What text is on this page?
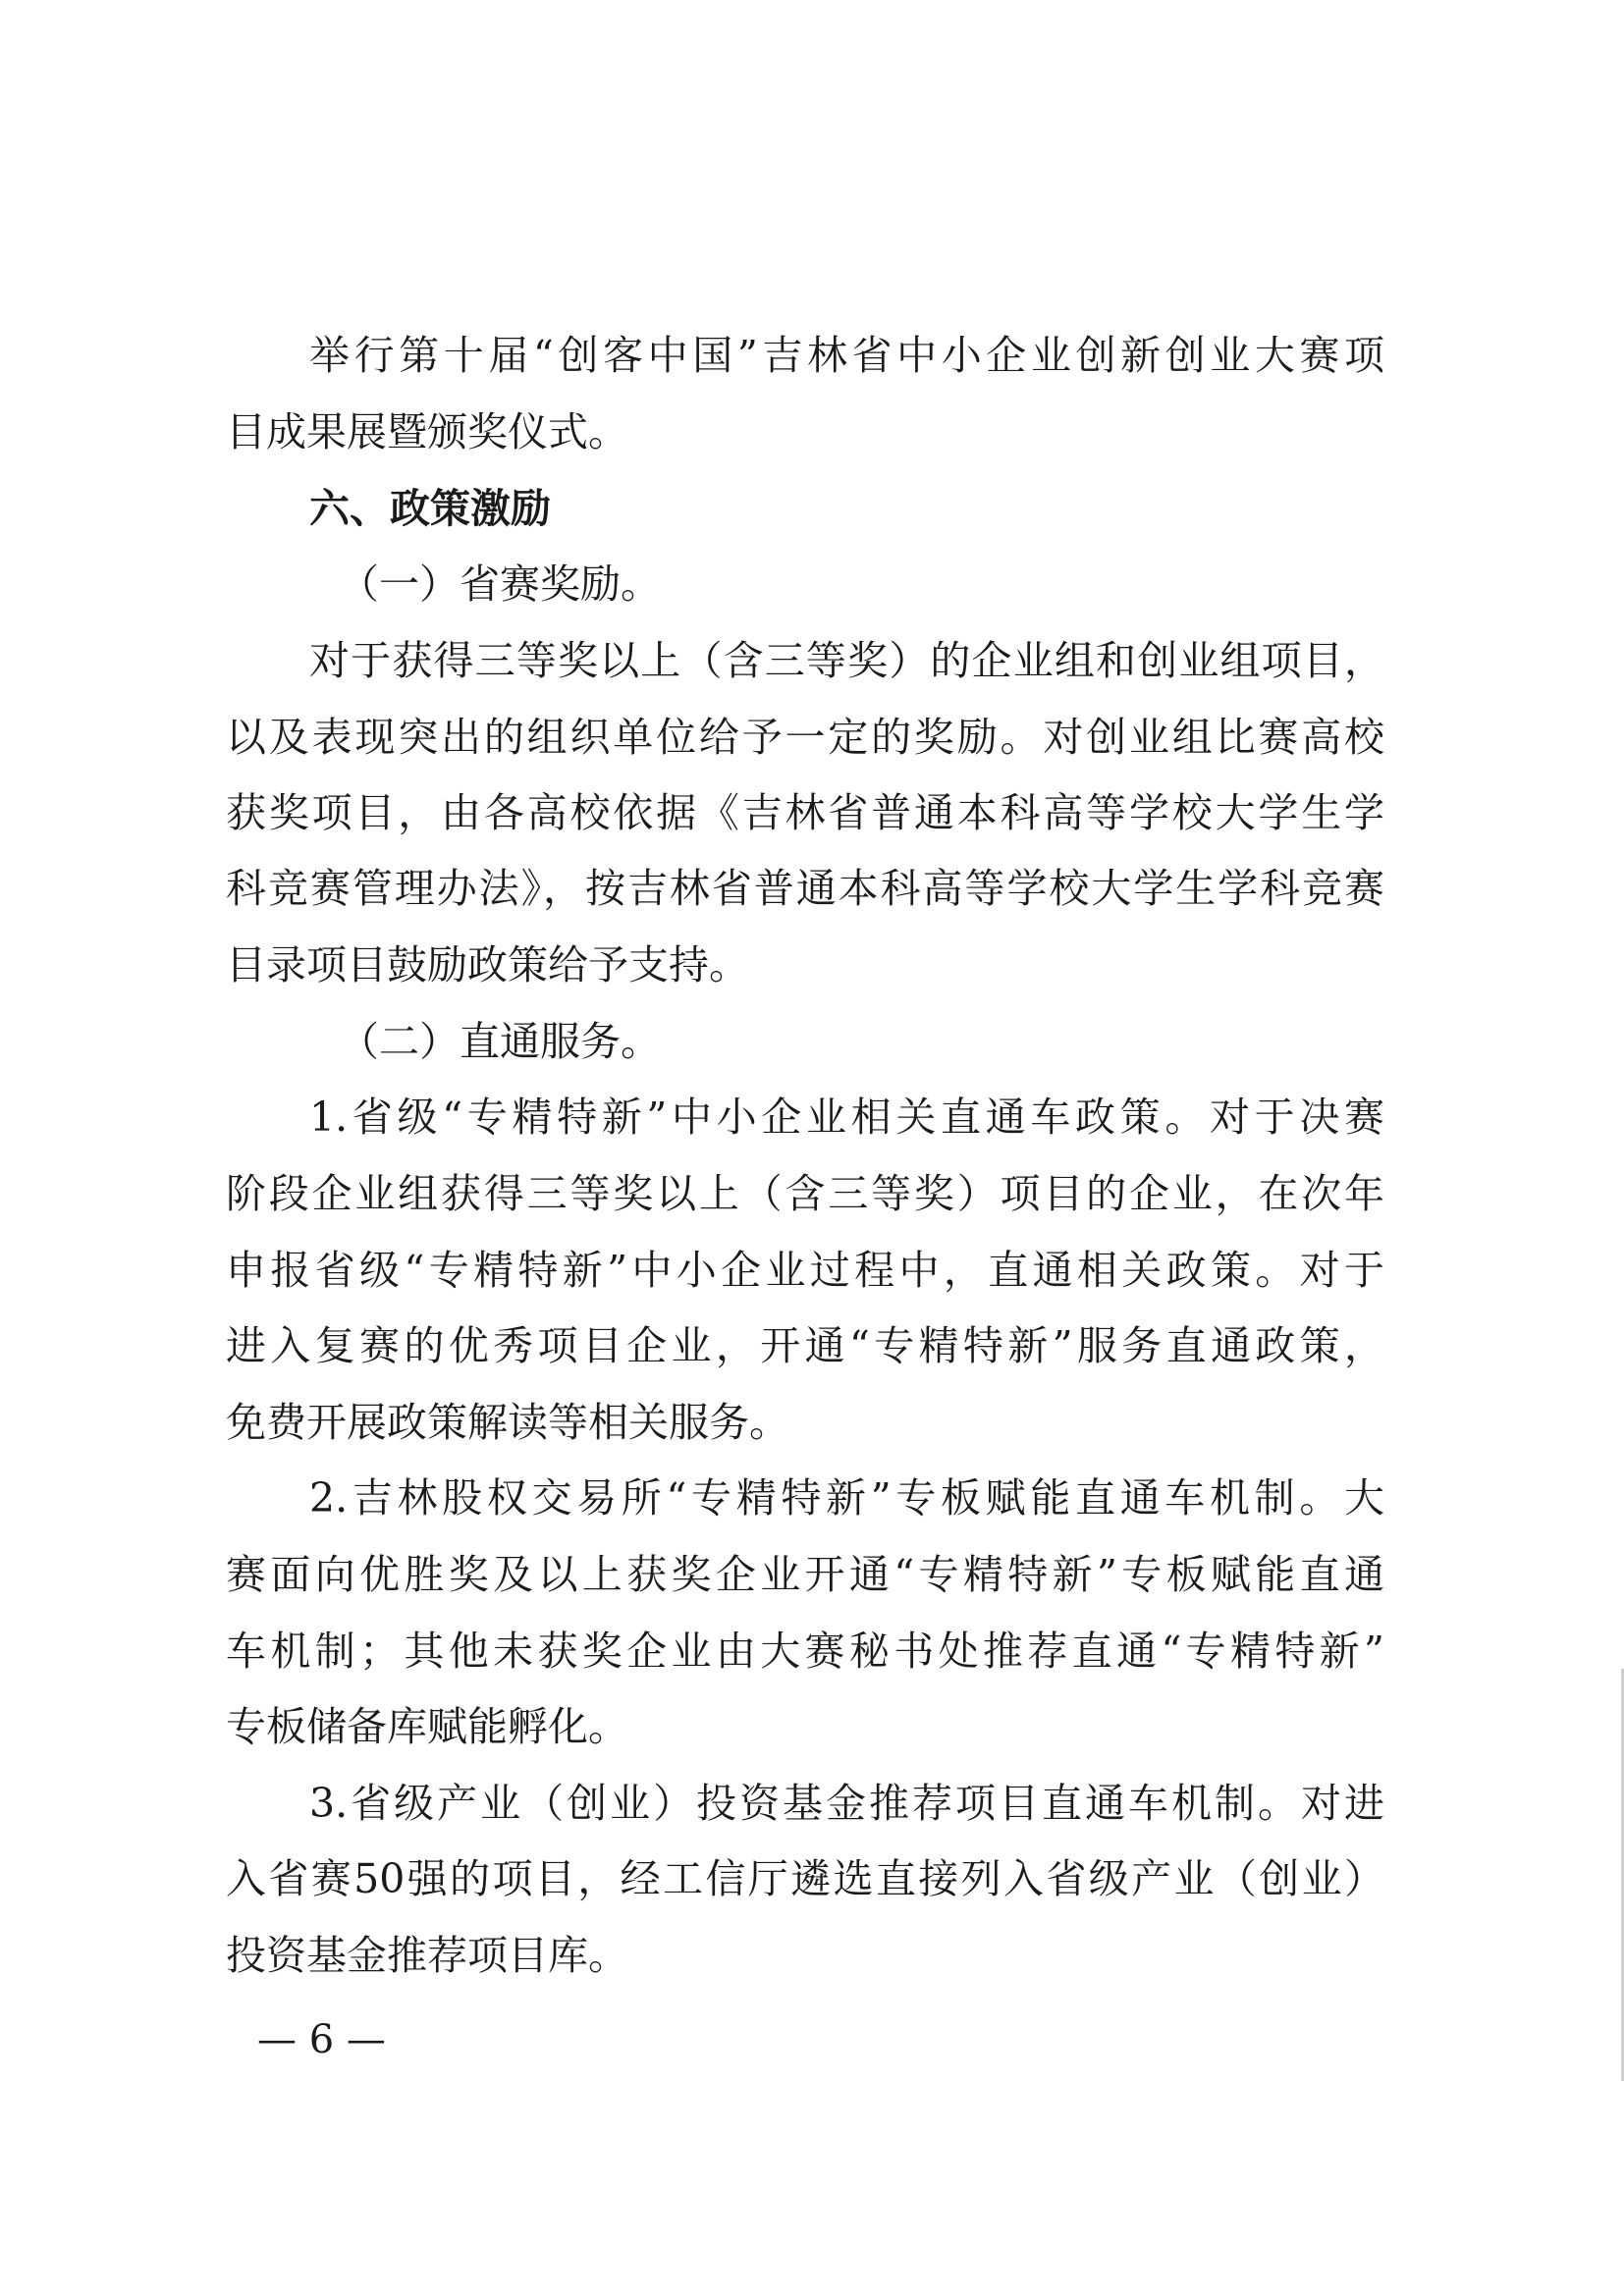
举行第十届“创客中国”吉林省中小企业创新创业大赛项
目成果展暨颁奖仪式。
六、政策激励
（一）省赛奖励。
对于获得三等奖以上（含三等奖）的企业组和创业组项目，
以及表现突出的组织单位给予一定的奖励。对创业组比赛高校
获奖项目，由各高校依据《吉林省普通本科高等学校大学生学
科竞赛管理办法》，按吉林省普通本科高等学校大学生学科竞赛
目录项目鼓励政策给予支持。
（二）直通服务。
1.省级“专精特新”中小企业相关直通车政策。对于决赛
阶段企业组获得三等奖以上（含三等奖）项目的企业，在次年
申报省级“专精特新”中小企业过程中，直通相关政策。对于
进入复赛的优秀项目企业，开通“专精特新”服务直通政策，
免费开展政策解读等相关服务。
2.吉林股权交易所“专精特新”专板赋能直通车机制。大
赛面向优胜奖及以上获奖企业开通“专精特新”专板赋能直通
车机制；其他未获奖企业由大赛秘书处推荐直通“专精特新”
专板储备库赋能孵化。
3.省级产业（创业）投资基金推荐项目直通车机制。对进
入省赛50强的项目，经工信厅遴选直接列入省级产业（创业）
投资基金推荐项目库。
— 6 —
